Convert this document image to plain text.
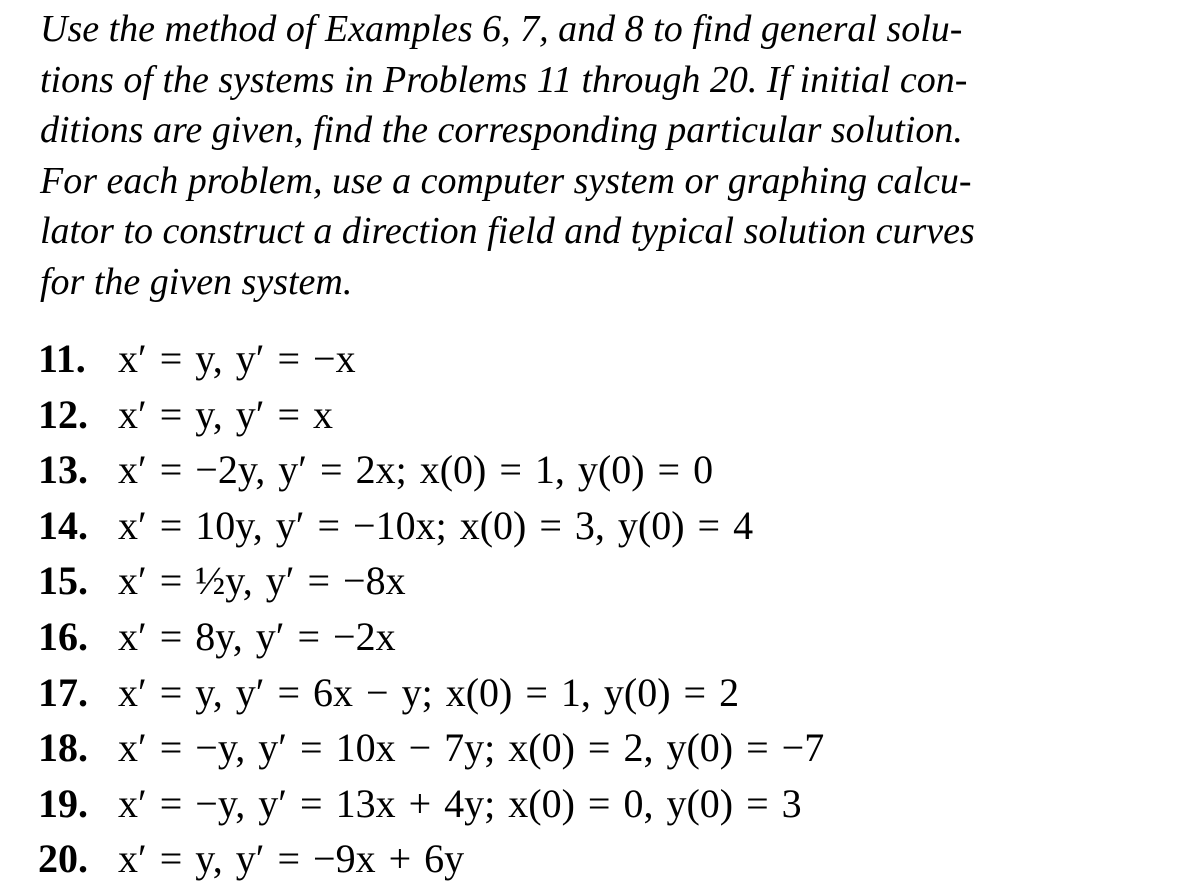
Use the method of Examples 6, 7, and 8 to find general solu-
tions of the systems in Problems 11 through 20. If initial con-
ditions are given, find the corresponding particular solution.
For each problem, use a computer system or graphing calcu-
lator to construct a direction field and typical solution curves
for the given system.
11. x′ = y, y′ = −x
12. x′ = y, y′ = x
13. x′ = −2y, y′ = 2x; x(0) = 1, y(0) = 0
14. x′ = 10y, y′ = −10x; x(0) = 3, y(0) = 4
15. x′ = ½y, y′ = −8x
16. x′ = 8y, y′ = −2x
17. x′ = y, y′ = 6x − y; x(0) = 1, y(0) = 2
18. x′ = −y, y′ = 10x − 7y; x(0) = 2, y(0) = −7
19. x′ = −y, y′ = 13x + 4y; x(0) = 0, y(0) = 3
20. x′ = y, y′ = −9x + 6y
